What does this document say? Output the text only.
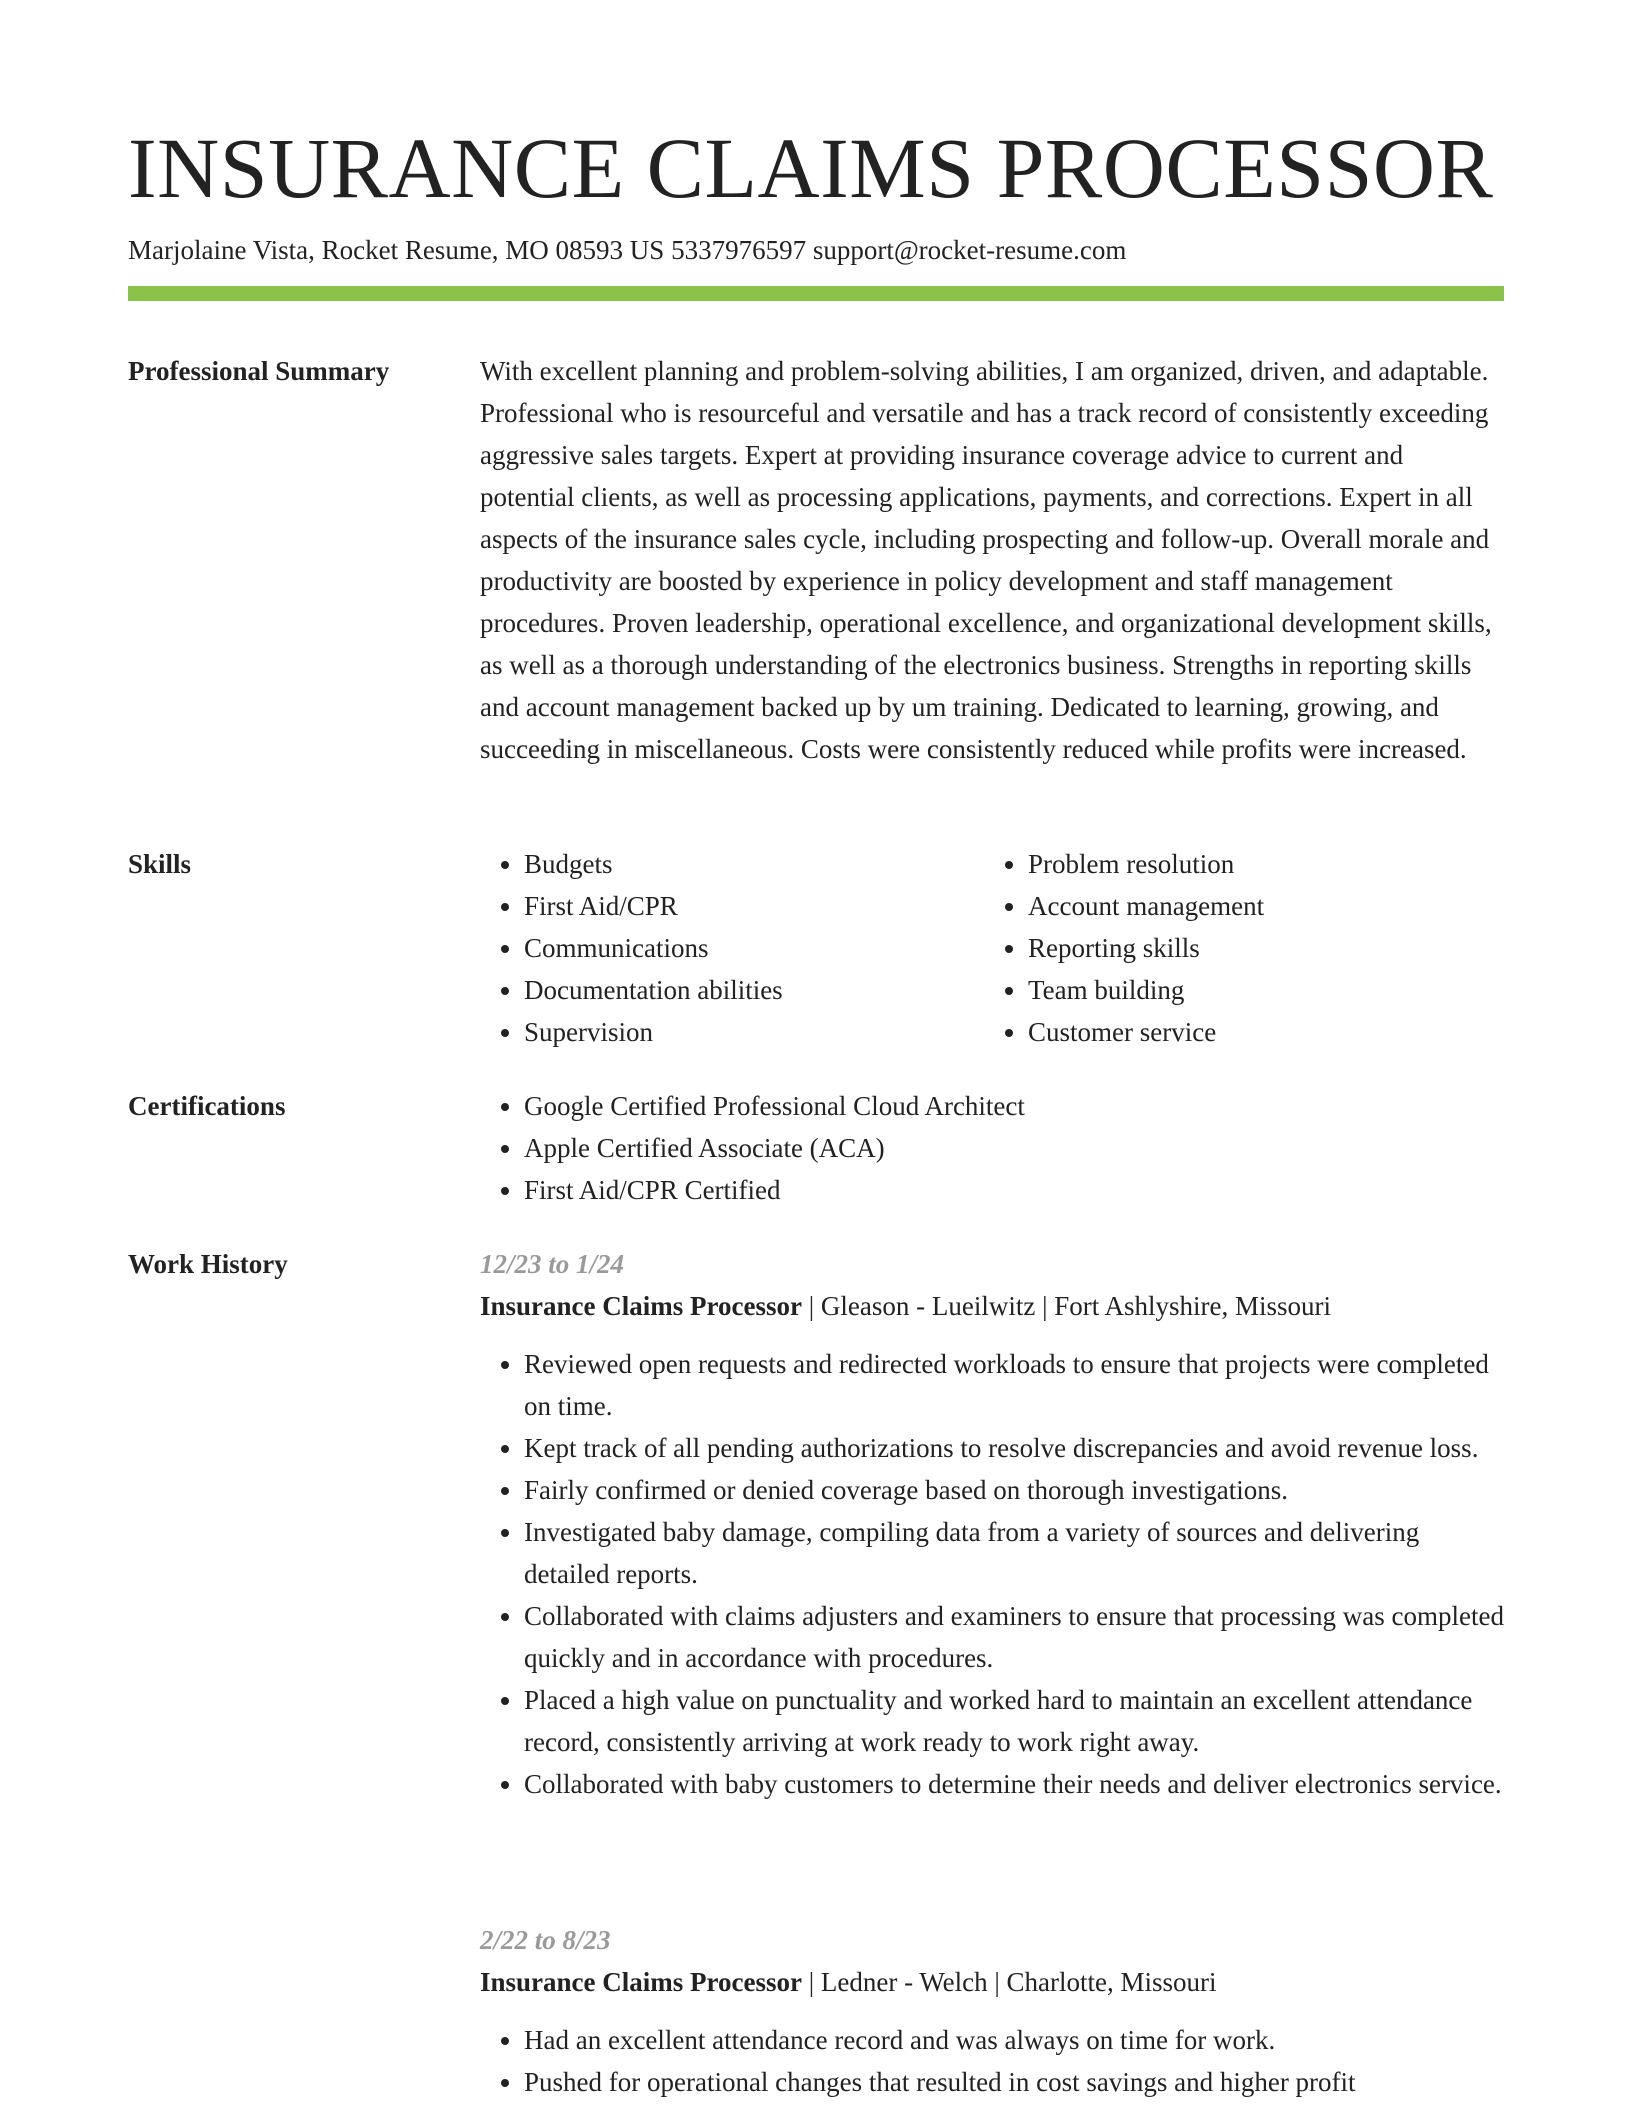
INSURANCE CLAIMS PROCESSOR
Marjolaine Vista, Rocket Resume, MO 08593 US 5337976597 support@rocket-resume.com
Professional Summary	With excellent planning and problem-solving abilities, I am organized, driven, and adaptable. Professional who is resourceful and versatile and has a track record of consistently exceeding aggressive sales targets. Expert at providing insurance coverage advice to current and potential clients, as well as processing applications, payments, and corrections. Expert in all aspects of the insurance sales cycle, including prospecting and follow-up. Overall morale and productivity are boosted by experience in policy development and staff management procedures. Proven leadership, operational excellence, and organizational development skills, as well as a thorough understanding of the electronics business. Strengths in reporting skills and account management backed up by um training. Dedicated to learning, growing, and succeeding in miscellaneous. Costs were consistently reduced while profits were increased.

Skills	• Budgets
• First Aid/CPR
• Communications
• Documentation abilities
• Supervision
• Problem resolution
• Account management
• Reporting skills
• Team building
• Customer service
Certifications	• Google Certified Professional Cloud Architect
• Apple Certified Associate (ACA)
• First Aid/CPR Certified
Work History	12/23 to 1/24
Insurance Claims Processor | Gleason - Lueilwitz | Fort Ashlyshire, Missouri
• Reviewed open requests and redirected workloads to ensure that projects were completed on time.
• Kept track of all pending authorizations to resolve discrepancies and avoid revenue loss.
• Fairly confirmed or denied coverage based on thorough investigations.
• Investigated baby damage, compiling data from a variety of sources and delivering detailed reports.
• Collaborated with claims adjusters and examiners to ensure that processing was completed quickly and in accordance with procedures.
• Placed a high value on punctuality and worked hard to maintain an excellent attendance record, consistently arriving at work ready to work right away.
• Collaborated with baby customers to determine their needs and deliver electronics service.
2/22 to 8/23
Insurance Claims Processor | Ledner - Welch | Charlotte, Missouri
• Had an excellent attendance record and was always on time for work.
• Pushed for operational changes that resulted in cost savings and higher profit
